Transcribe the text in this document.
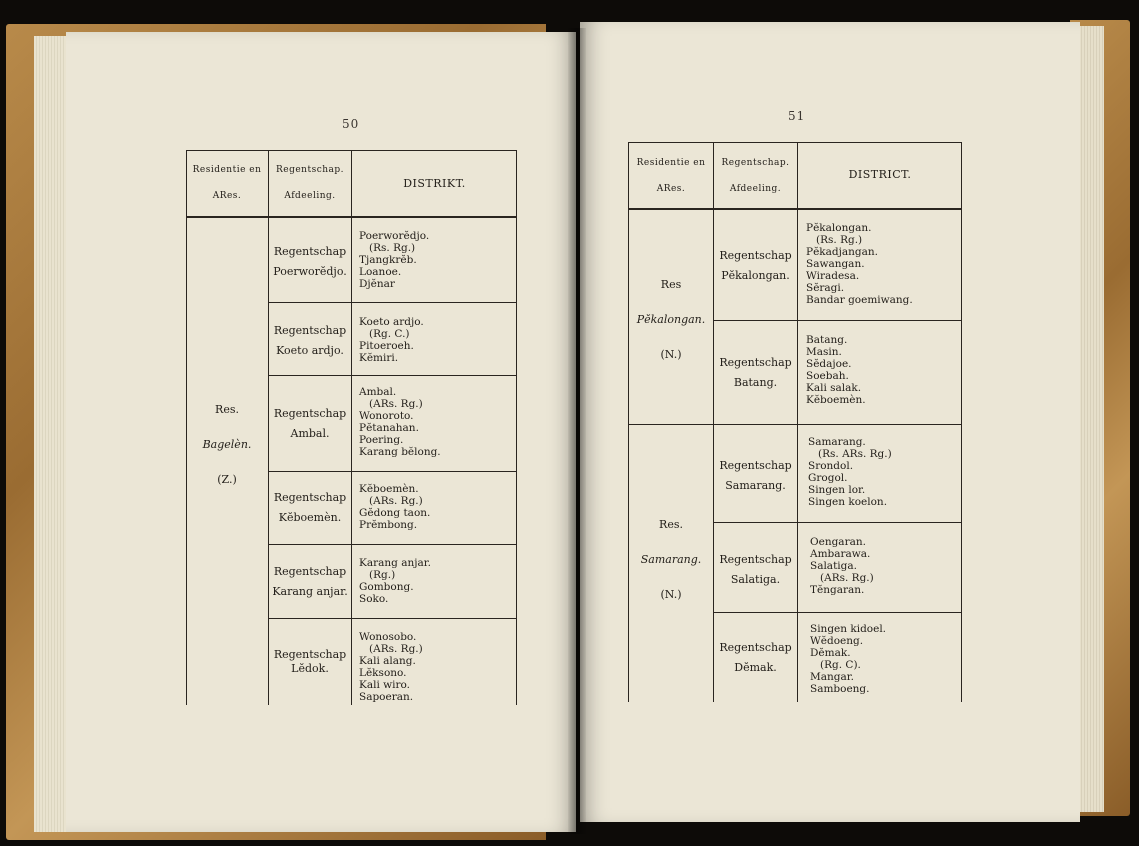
50
51
Residentie en
ARes.
Regentschap.
Afdeeling.
DISTRIKT.
Res.
Bagelèn.
(Z.)
Regentschap
Poerworĕdjo.
Regentschap
Koeto ardjo.
Regentschap
Ambal.
Regentschap
Kĕboemèn.
Regentschap
Karang anjar.
Regentschap
Lĕdok.
Poerworĕdjo.
(Rs. Rg.)
Tjangkrĕb.
Loanoe.
Djĕnar
Koeto ardjo.
(Rg. C.)
Pitoeroeh.
Kĕmiri.
Ambal.
(ARs. Rg.)
Wonoroto.
Pĕtanahan.
Poering.
Karang bĕlong.
Kĕboemèn.
(ARs. Rg.)
Gĕdong taon.
Prĕmbong.
Karang anjar.
(Rg.)
Gombong.
Soko.
Wonosobo.
(ARs. Rg.)
Kali alang.
Lĕksono.
Kali wiro.
Sapoeran.
Residentie en
ARes.
Regentschap.
Afdeeling.
DISTRICT.
Res
Pĕkalongan.
(N.)
Res.
Samarang.
(N.)
Regentschap
Pĕkalongan.
Regentschap
Batang.
Regentschap
Samarang.
Regentschap
Salatiga.
Regentschap
Dĕmak.
Pĕkalongan.
(Rs. Rg.)
Pĕkadjangan.
Sawangan.
Wiradesa.
Sĕragi.
Bandar goemiwang.
Batang.
Masin.
Sĕdajoe.
Soebah.
Kali salak.
Kĕboemèn.
Samarang.
(Rs. ARs. Rg.)
Srondol.
Grogol.
Singen lor.
Singen koelon.
Oengaran.
Ambarawa.
Salatiga.
(ARs. Rg.)
Tĕngaran.
Singen kidoel.
Wĕdoeng.
Dĕmak.
(Rg. C).
Mangar.
Samboeng.
